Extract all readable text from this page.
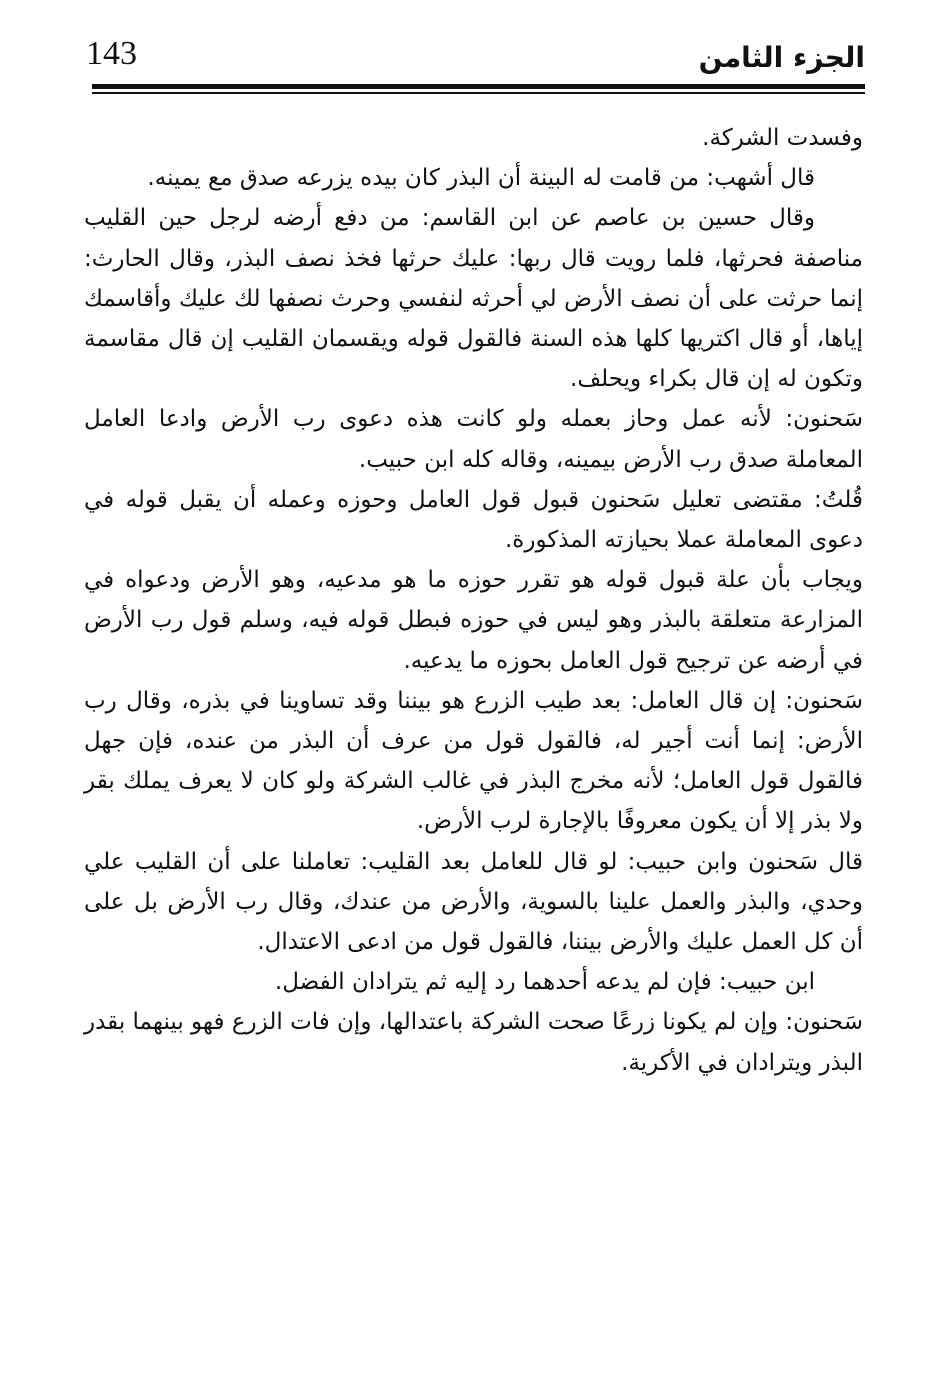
143	الجزء الثامن

وفسدت الشركة.

قال أشهب: من قامت له البينة أن البذر كان بيده يزرعه صدق مع يمينه.

وقال حسين بن عاصم عن ابن القاسم: من دفع أرضه لرجل حين القليب مناصفة فحرثها، فلما رويت قال ربها: عليك حرثها فخذ نصف البذر، وقال الحارث: إنما حرثت على أن نصف الأرض لي أحرثه لنفسي وحرث نصفها لك عليك وأقاسمك إياها، أو قال اكتريها كلها هذه السنة فالقول قوله ويقسمان القليب إن قال مقاسمة وتكون له إن قال بكراء ويحلف.

سَحنون: لأنه عمل وحاز بعمله ولو كانت هذه دعوى رب الأرض وادعا العامل المعاملة صدق رب الأرض بيمينه، وقاله كله ابن حبيب.

قُلتُ: مقتضى تعليل سَحنون قبول قول العامل وحوزه وعمله أن يقبل قوله في دعوى المعاملة عملا بحيازته المذكورة.

ويجاب بأن علة قبول قوله هو تقرر حوزه ما هو مدعيه، وهو الأرض ودعواه في المزارعة متعلقة بالبذر وهو ليس في حوزه فبطل قوله فيه، وسلم قول رب الأرض في أرضه عن ترجيح قول العامل بحوزه ما يدعيه.

سَحنون: إن قال العامل: بعد طيب الزرع هو بيننا وقد تساوينا في بذره، وقال رب الأرض: إنما أنت أجير له، فالقول قول من عرف أن البذر من عنده، فإن جهل فالقول قول العامل؛ لأنه مخرج البذر في غالب الشركة ولو كان لا يعرف يملك بقر ولا بذر إلا أن يكون معروفًا بالإجارة لرب الأرض.

قال سَحنون وابن حبيب: لو قال للعامل بعد القليب: تعاملنا على أن القليب علي وحدي، والبذر والعمل علينا بالسوية، والأرض من عندك، وقال رب الأرض بل على أن كل العمل عليك والأرض بيننا، فالقول قول من ادعى الاعتدال.

ابن حبيب: فإن لم يدعه أحدهما رد إليه ثم يترادان الفضل.

سَحنون: وإن لم يكونا زرعًا صحت الشركة باعتدالها، وإن فات الزرع فهو بينهما بقدر البذر ويترادان في الأكرية.
